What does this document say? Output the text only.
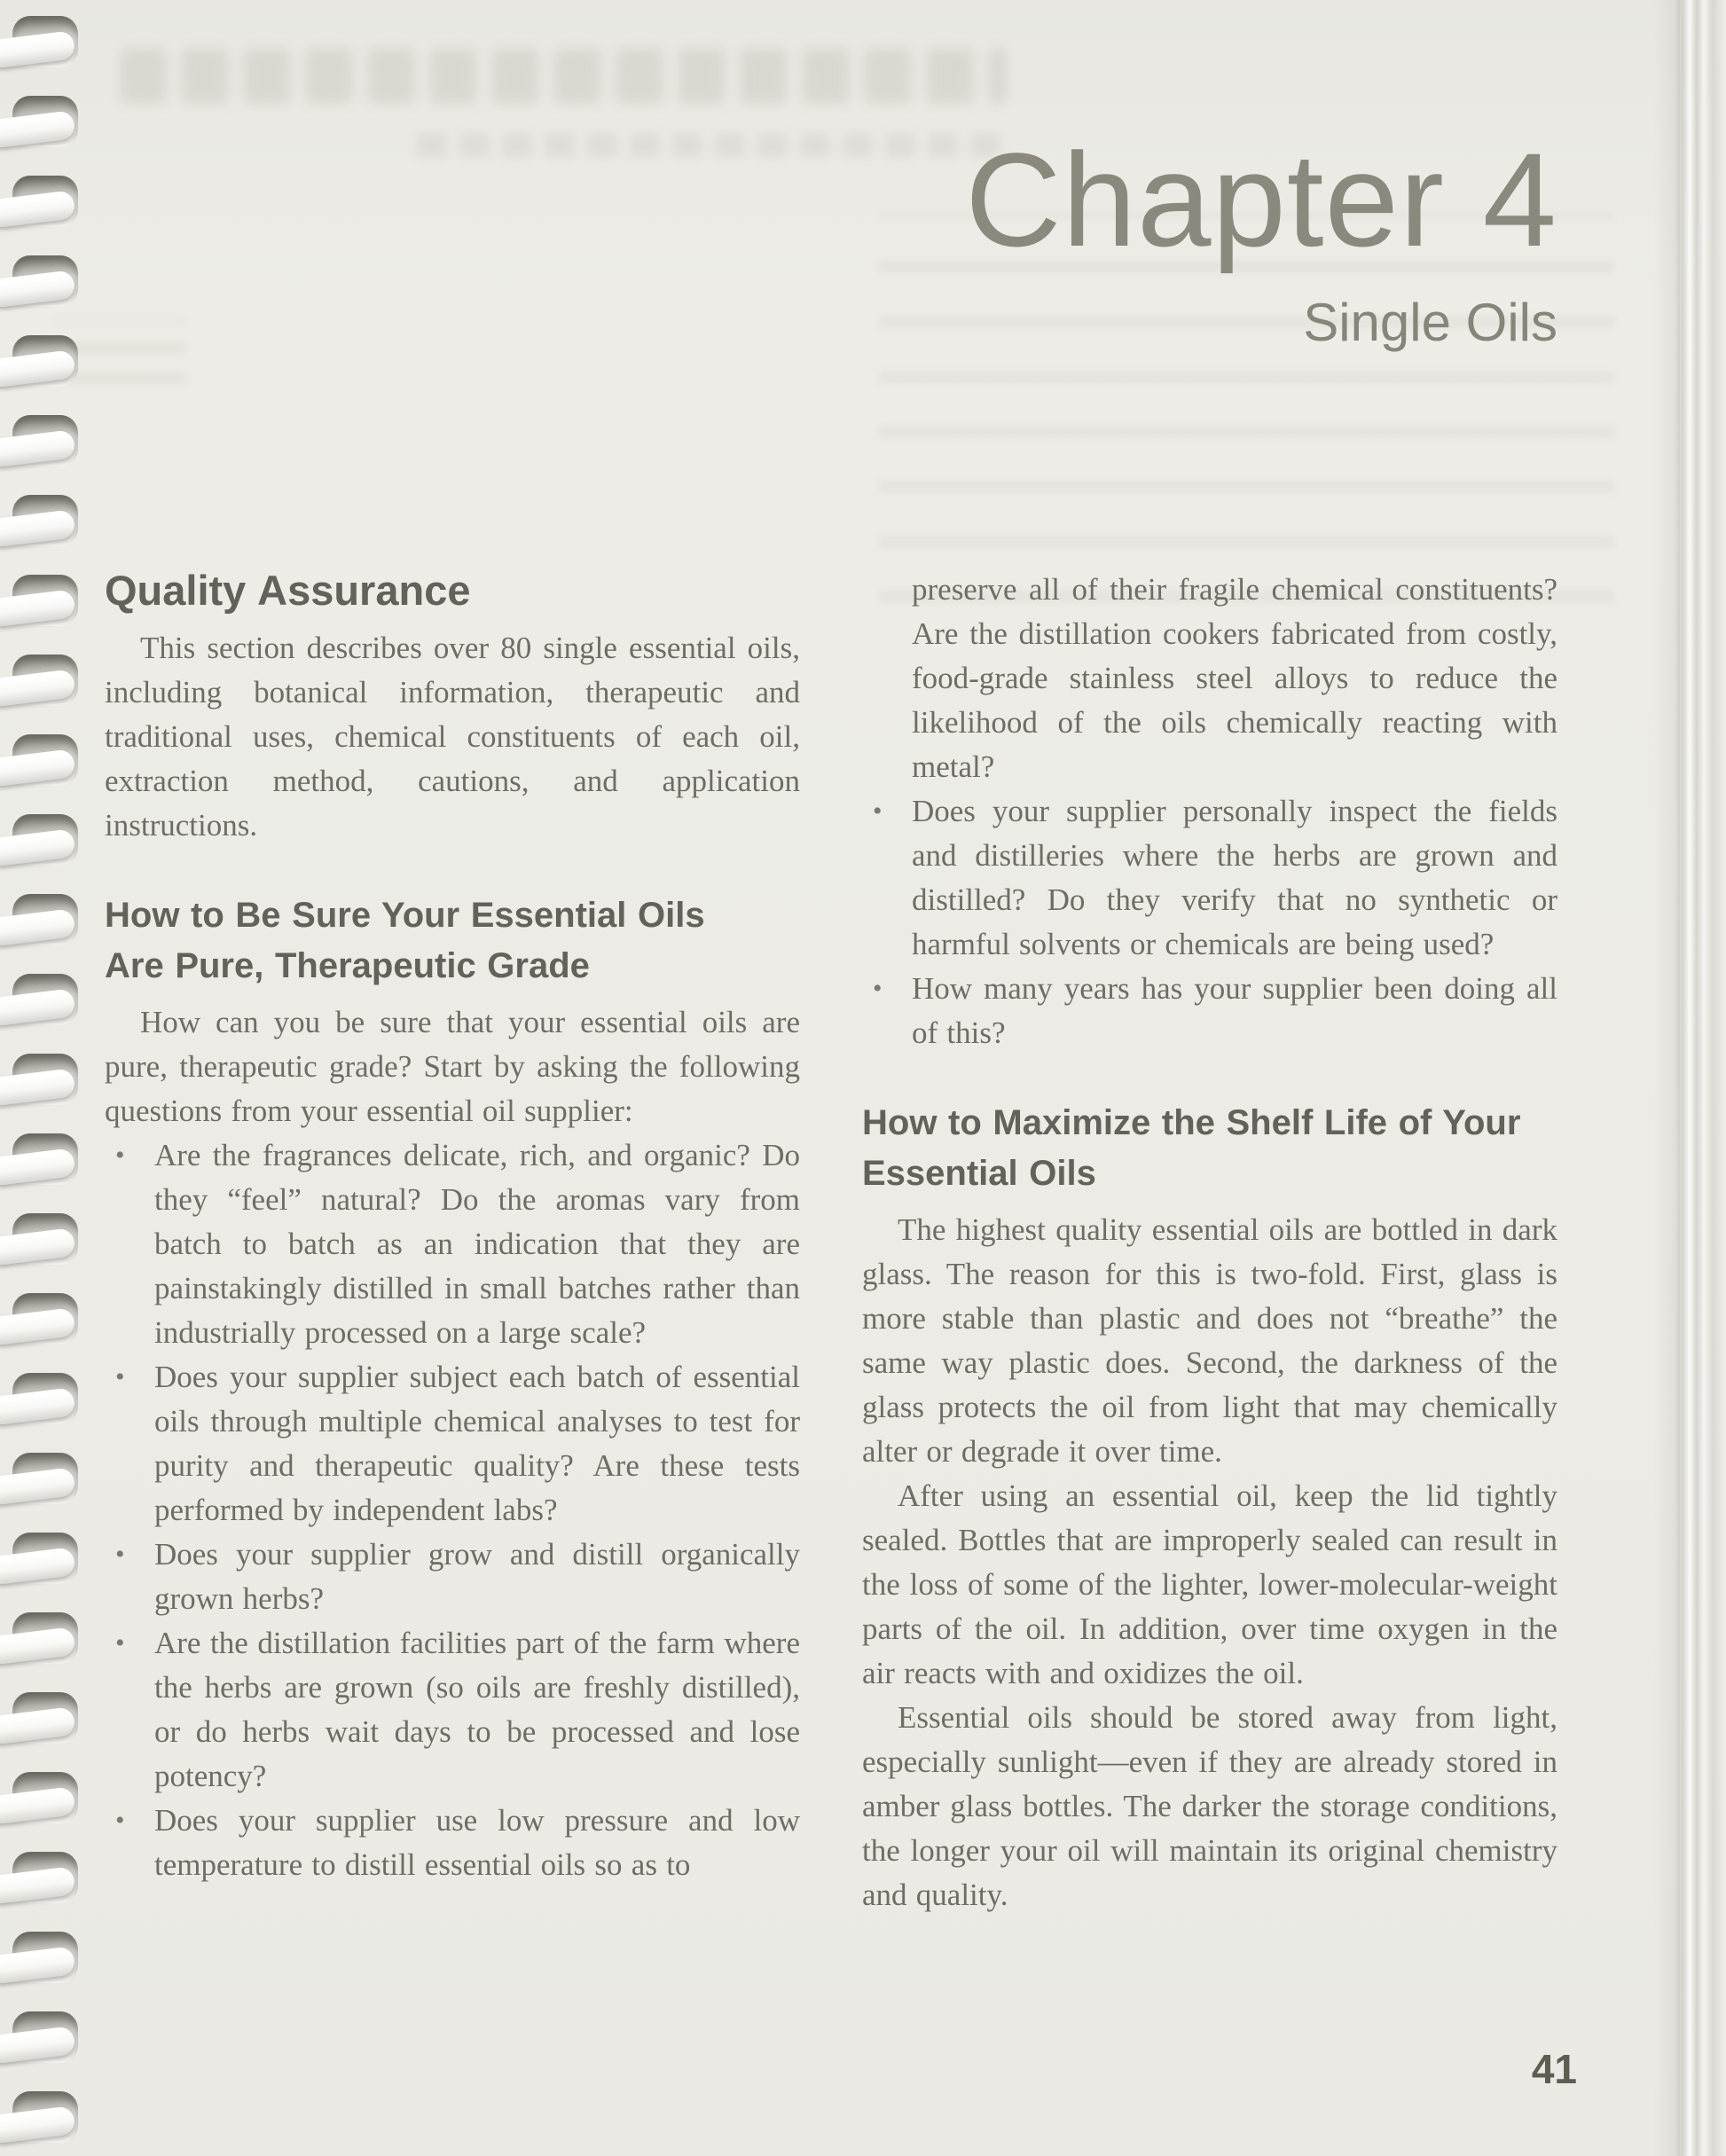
Chapter 4
Single Oils
Quality Assurance

This section describes over 80 single essential oils, including botanical information, therapeutic and traditional uses, chemical constituents of each oil, extraction method, cautions, and application instructions.

How to Be Sure Your Essential Oils Are Pure, Therapeutic Grade

How can you be sure that your essential oils are pure, therapeutic grade? Start by asking the following questions from your essential oil supplier:

•

Are the fragrances delicate, rich, and organic? Do they “feel” natural? Do the aromas vary from batch to batch as an indication that they are painstakingly distilled in small batches rather than industrially processed on a large scale?

•

Does your supplier subject each batch of essential oils through multiple chemical analyses to test for purity and therapeutic quality? Are these tests performed by independent labs?

•

Does your supplier grow and distill organically grown herbs?

•

Are the distillation facilities part of the farm where the herbs are grown (so oils are freshly distilled), or do herbs wait days to be processed and lose potency?

•

Does your supplier use low pressure and low temperature to distill essential oils so as to

preserve all of their fragile chemical constituents? Are the distillation cookers fabricated from costly, food-grade stainless steel alloys to reduce the likelihood of the oils chemically reacting with metal?

•

Does your supplier personally inspect the fields and distilleries where the herbs are grown and distilled? Do they verify that no synthetic or harmful solvents or chemicals are being used?

•

How many years has your supplier been doing all of this?

How to Maximize the Shelf Life of Your Essential Oils

The highest quality essential oils are bottled in dark glass. The reason for this is two-fold. First, glass is more stable than plastic and does not “breathe” the same way plastic does. Second, the darkness of the glass protects the oil from light that may chemically alter or degrade it over time.

After using an essential oil, keep the lid tightly sealed. Bottles that are improperly sealed can result in the loss of some of the lighter, lower-molecular-weight parts of the oil. In addition, over time oxygen in the air reacts with and oxidizes the oil.

Essential oils should be stored away from light, especially sunlight—even if they are already stored in amber glass bottles. The darker the storage conditions, the longer your oil will maintain its original chemistry and quality.

41
